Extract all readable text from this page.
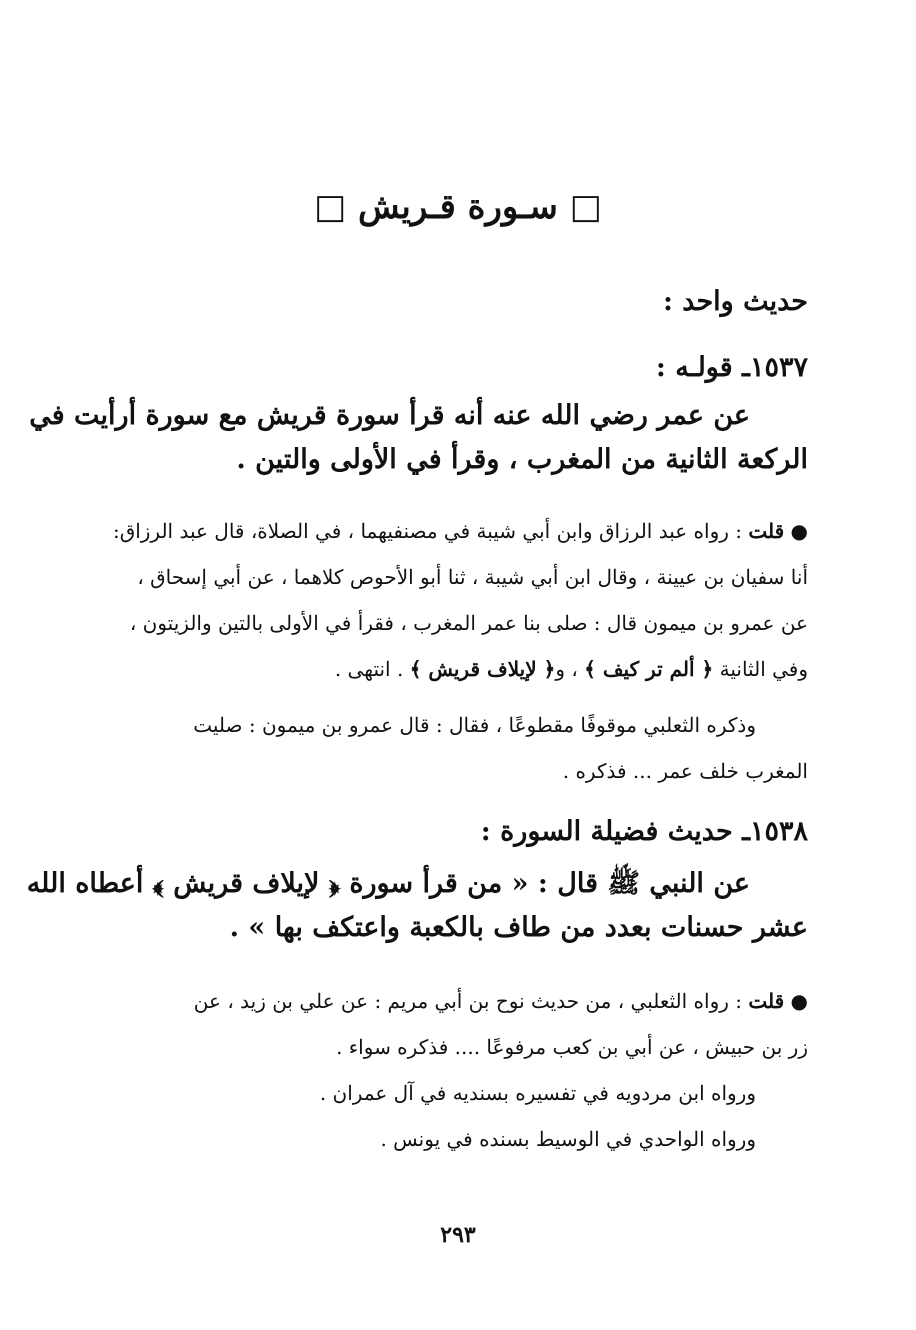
□ سـورة قـريش □
حديث واحد :
١٥٣٧ـ قولـه :
عن عمر رضي الله عنه أنه قرأ سورة قريش مع سورة أرأيت في
الركعة الثانية من المغرب ، وقرأ في الأولى والتين .
● قلت : رواه عبد الرزاق وابن أبي شيبة في مصنفيهما ، في الصلاة، قال عبد الرزاق:
أنا سفيان بن عيينة ، وقال ابن أبي شيبة ، ثنا أبو الأحوص كلاهما ، عن أبي إسحاق ،
عن عمرو بن ميمون قال : صلى بنا عمر المغرب ، فقرأ في الأولى بالتين والزيتون ،
وفي الثانية ﴿ ألم تر كيف ﴾ ، و﴿ لإيلاف قريش ﴾ . انتهى .
وذكره الثعلبي موقوفًا مقطوعًا ، فقال : قال عمرو بن ميمون : صليت
المغرب خلف عمر ... فذكره .
١٥٣٨ـ حديث فضيلة السورة :
عن النبي ﷺ قال : « من قرأ سورة ﴿ لإيلاف قريش ﴾ أعطاه الله
عشر حسنات بعدد من طاف بالكعبة واعتكف بها » .
● قلت : رواه الثعلبي ، من حديث نوح بن أبي مريم : عن علي بن زيد ، عن
زر بن حبيش ، عن أبي بن كعب مرفوعًا .... فذكره سواء .
ورواه ابن مردويه في تفسيره بسنديه في آل عمران .
ورواه الواحدي في الوسيط بسنده في يونس .
٢٩٣
